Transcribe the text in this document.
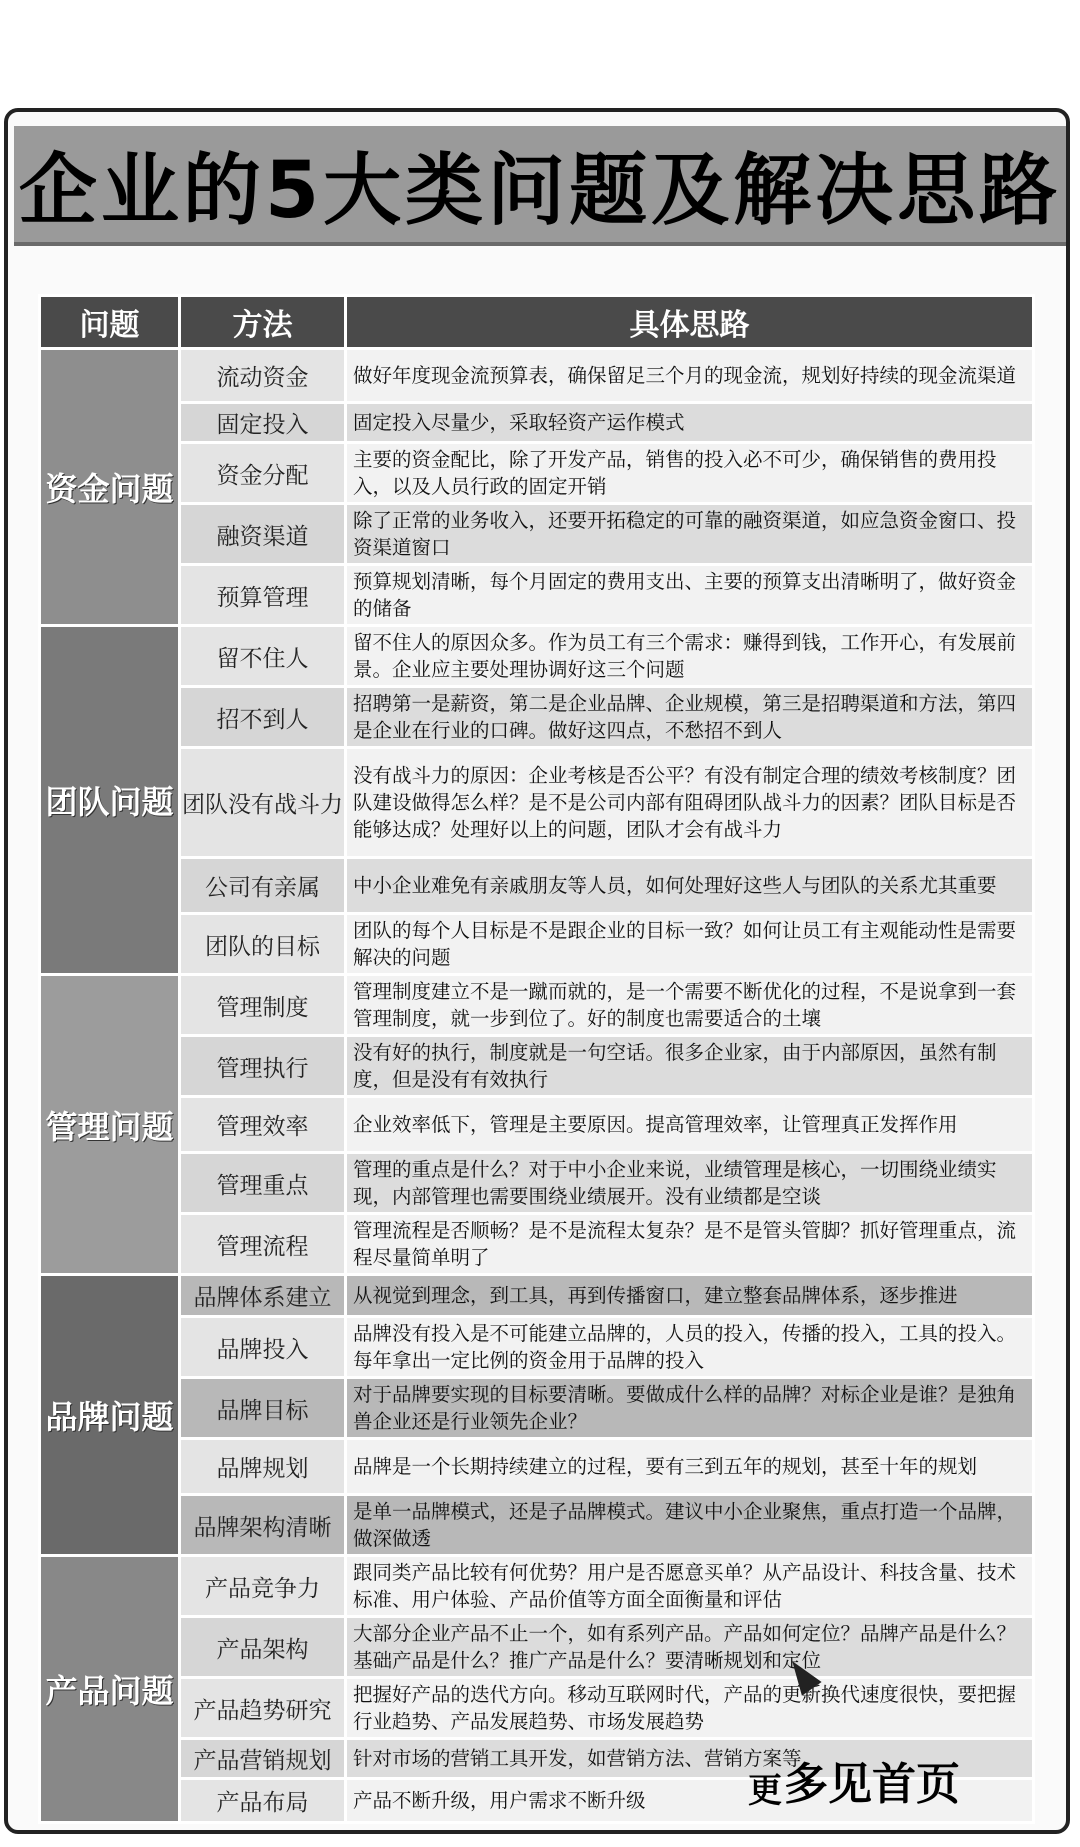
企业的5大类问题及解决思路
问题	方法	具体思路
资金问题	流动资金	做好年度现金流预算表，确保留足三个月的现金流，规划好持续的现金流渠道
	固定投入	固定投入尽量少，采取轻资产运作模式
	资金分配	主要的资金配比，除了开发产品，销售的投入必不可少，确保销售的费用投入，以及人员行政的固定开销
	融资渠道	除了正常的业务收入，还要开拓稳定的可靠的融资渠道，如应急资金窗口、投资渠道窗口
	预算管理	预算规划清晰，每个月固定的费用支出、主要的预算支出清晰明了，做好资金的储备
团队问题	留不住人	留不住人的原因众多。作为员工有三个需求：赚得到钱，工作开心，有发展前景。企业应主要处理协调好这三个问题
	招不到人	招聘第一是薪资，第二是企业品牌、企业规模，第三是招聘渠道和方法，第四是企业在行业的口碑。做好这四点，不愁招不到人
	团队没有战斗力	没有战斗力的原因：企业考核是否公平？有没有制定合理的绩效考核制度？团队建设做得怎么样？是不是公司内部有阻碍团队战斗力的因素？团队目标是否能够达成？处理好以上的问题，团队才会有战斗力
	公司有亲属	中小企业难免有亲戚朋友等人员，如何处理好这些人与团队的关系尤其重要
	团队的目标	团队的每个人目标是不是跟企业的目标一致？如何让员工有主观能动性是需要解决的问题
管理问题	管理制度	管理制度建立不是一蹴而就的，是一个需要不断优化的过程，不是说拿到一套管理制度，就一步到位了。好的制度也需要适合的土壤
	管理执行	没有好的执行，制度就是一句空话。很多企业家，由于内部原因，虽然有制度，但是没有有效执行
	管理效率	企业效率低下，管理是主要原因。提高管理效率，让管理真正发挥作用
	管理重点	管理的重点是什么？对于中小企业来说，业绩管理是核心，一切围绕业绩实现，内部管理也需要围绕业绩展开。没有业绩都是空谈
	管理流程	管理流程是否顺畅？是不是流程太复杂？是不是管头管脚？抓好管理重点，流程尽量简单明了
品牌问题	品牌体系建立	从视觉到理念，到工具，再到传播窗口，建立整套品牌体系，逐步推进
	品牌投入	品牌没有投入是不可能建立品牌的，人员的投入，传播的投入，工具的投入。每年拿出一定比例的资金用于品牌的投入
	品牌目标	对于品牌要实现的目标要清晰。要做成什么样的品牌？对标企业是谁？是独角兽企业还是行业领先企业？
	品牌规划	品牌是一个长期持续建立的过程，要有三到五年的规划，甚至十年的规划
	品牌架构清晰	是单一品牌模式，还是子品牌模式。建议中小企业聚焦，重点打造一个品牌，做深做透
产品问题	产品竞争力	跟同类产品比较有何优势？用户是否愿意买单？从产品设计、科技含量、技术标准、用户体验、产品价值等方面全面衡量和评估
	产品架构	大部分企业产品不止一个，如有系列产品。产品如何定位？品牌产品是什么？基础产品是什么？推广产品是什么？要清晰规划和定位
	产品趋势研究	把握好产品的迭代方向。移动互联网时代，产品的更新换代速度很快，要把握行业趋势、产品发展趋势、市场发展趋势
	产品营销规划	针对市场的营销工具开发，如营销方法、营销方案等
	产品布局	产品不断升级，用户需求不断升级	更 多见首页
